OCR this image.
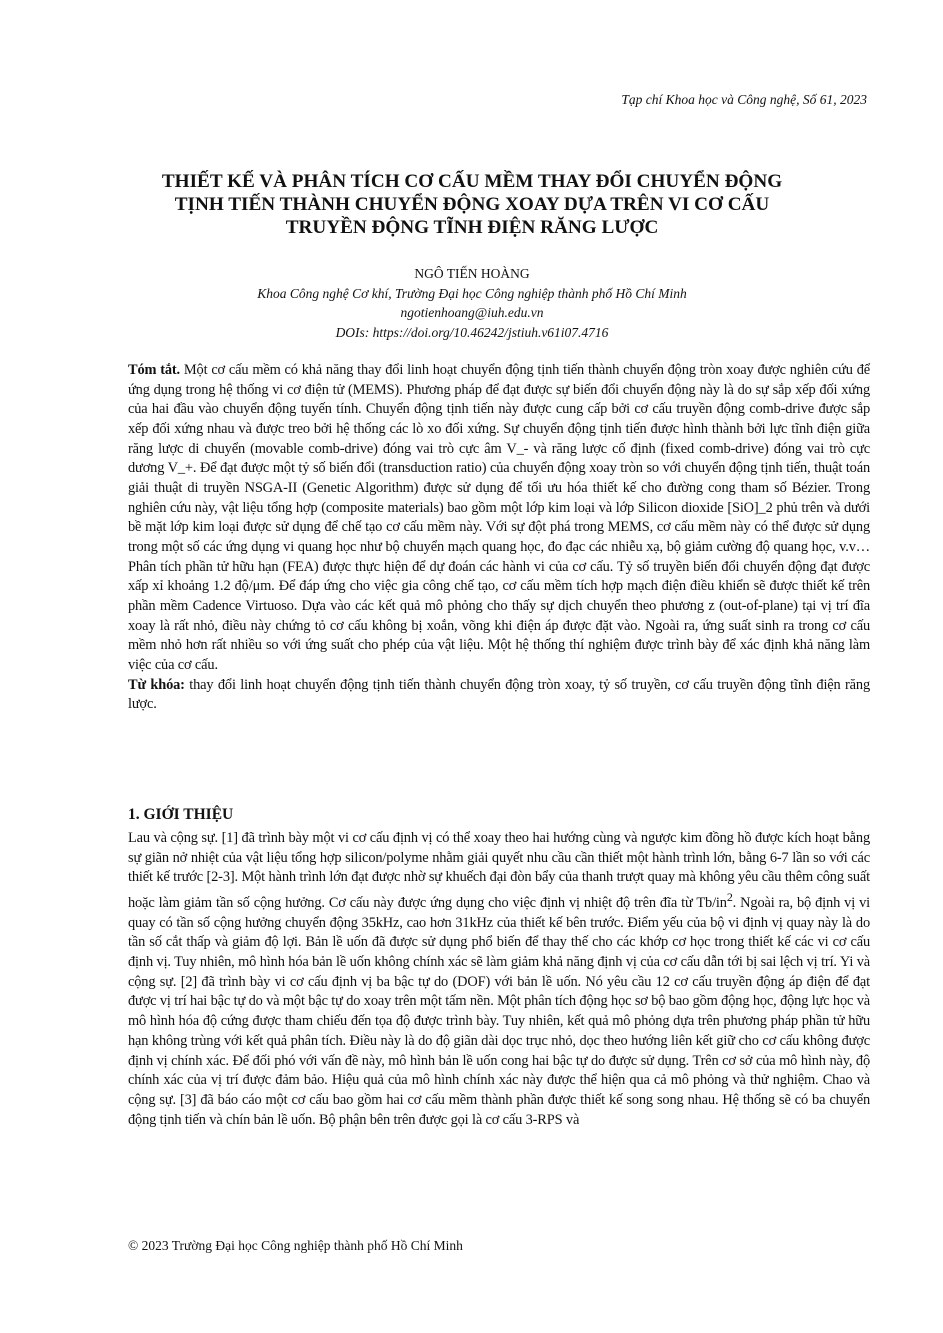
Tạp chí Khoa học và Công nghệ, Số 61, 2023
THIẾT KẾ VÀ PHÂN TÍCH CƠ CẤU MỀM THAY ĐỔI CHUYỂN ĐỘNG
TỊNH TIẾN THÀNH CHUYỂN ĐỘNG XOAY DỰA TRÊN VI CƠ CẤU
TRUYỀN ĐỘNG TĨNH ĐIỆN RĂNG LƯỢC
NGÔ TIẾN HOÀNG
Khoa Công nghệ Cơ khí, Trường Đại học Công nghiệp thành phố Hồ Chí Minh
ngotienhoang@iuh.edu.vn
DOIs: https://doi.org/10.46242/jstiuh.v61i07.4716

Tóm tắt. Một cơ cấu mềm có khả năng thay đổi linh hoạt chuyển động tịnh tiến thành chuyển động tròn xoay được nghiên cứu để ứng dụng trong hệ thống vi cơ điện tử (MEMS). Phương pháp để đạt được sự biến đổi chuyển động này là do sự sắp xếp đối xứng của hai đầu vào chuyển động tuyến tính. Chuyển động tịnh tiến này được cung cấp bởi cơ cấu truyền động comb-drive được sắp xếp đối xứng nhau và được treo bởi hệ thống các lò xo đối xứng. Sự chuyển động tịnh tiến được hình thành bởi lực tĩnh điện giữa răng lược di chuyển (movable comb-drive) đóng vai trò cực âm V_- và răng lược cố định (fixed comb-drive) đóng vai trò cực dương V_+. Để đạt được một tỷ số biến đổi (transduction ratio) của chuyển động xoay tròn so với chuyển động tịnh tiến, thuật toán giải thuật di truyền NSGA-II (Genetic Algorithm) được sử dụng để tối ưu hóa thiết kế cho đường cong tham số Bézier. Trong nghiên cứu này, vật liệu tổng hợp (composite materials) bao gồm một lớp kim loại và lớp Silicon dioxide [SiO]_2 phủ trên và dưới bề mặt lớp kim loại được sử dụng để chế tạo cơ cấu mềm này. Với sự đột phá trong MEMS, cơ cấu mềm này có thể được sử dụng trong một số các ứng dụng vi quang học như bộ chuyển mạch quang học, đo đạc các nhiễu xạ, bộ giảm cường độ quang học, v.v… Phân tích phần tử hữu hạn (FEA) được thực hiện để dự đoán các hành vi của cơ cấu. Tỷ số truyền biến đổi chuyển động đạt được xấp xỉ khoảng 1.2 độ/μm. Để đáp ứng cho việc gia công chế tạo, cơ cấu mềm tích hợp mạch điện điều khiển sẽ được thiết kế trên phần mềm Cadence Virtuoso. Dựa vào các kết quả mô phỏng cho thấy sự dịch chuyển theo phương z (out-of-plane) tại vị trí đĩa xoay là rất nhỏ, điều này chứng tỏ cơ cấu không bị xoắn, võng khi điện áp được đặt vào. Ngoài ra, ứng suất sinh ra trong cơ cấu mềm nhỏ hơn rất nhiều so với ứng suất cho phép của vật liệu. Một hệ thống thí nghiệm được trình bày để xác định khả năng làm việc của cơ cấu.

Từ khóa: thay đổi linh hoạt chuyển động tịnh tiến thành chuyển động tròn xoay, tỷ số truyền, cơ cấu truyền động tĩnh điện răng lược.

1. GIỚI THIỆU

Lau và cộng sự. [1] đã trình bày một vi cơ cấu định vị có thể xoay theo hai hướng cùng và ngược kim đồng hồ được kích hoạt bằng sự giãn nở nhiệt của vật liệu tổng hợp silicon/polyme nhằm giải quyết nhu cầu cần thiết một hành trình lớn, bằng 6-7 lần so với các thiết kế trước [2-3]. Một hành trình lớn đạt được nhờ sự khuếch đại đòn bẩy của thanh trượt quay mà không yêu cầu thêm công suất hoặc làm giảm tần số cộng hưởng. Cơ cấu này được ứng dụng cho việc định vị nhiệt độ trên đĩa từ $Tb/in^2$. Ngoài ra, bộ định vị vi quay có tần số cộng hưởng chuyển động 35kHz, cao hơn 31kHz của thiết kế bên trước. Điểm yếu của bộ vi định vị quay này là do tần số cắt thấp và giảm độ lợi. Bản lề uốn đã được sử dụng phổ biến để thay thế cho các khớp cơ học trong thiết kế các vi cơ cấu định vị. Tuy nhiên, mô hình hóa bản lề uốn không chính xác sẽ làm giảm khả năng định vị của cơ cấu dẫn tới bị sai lệch vị trí. Yi và cộng sự. [2] đã trình bày vi cơ cấu định vị ba bậc tự do (DOF) với bản lề uốn. Nó yêu cầu 12 cơ cấu truyền động áp điện để đạt được vị trí hai bậc tự do và một bậc tự do xoay trên một tấm nền. Một phân tích động học sơ bộ bao gồm động học, động lực học và mô hình hóa độ cứng được tham chiếu đến tọa độ được trình bày. Tuy nhiên, kết quả mô phỏng dựa trên phương pháp phần tử hữu hạn không trùng với kết quả phân tích. Điều này là do độ giãn dài dọc trục nhỏ, dọc theo hướng liên kết giữ cho cơ cấu không được định vị chính xác. Để đối phó với vấn đề này, mô hình bản lề uốn cong hai bậc tự do được sử dụng. Trên cơ sở của mô hình này, độ chính xác của vị trí được đảm bảo. Hiệu quả của mô hình chính xác này được thể hiện qua cả mô phỏng và thử nghiệm. Chao và cộng sự. [3] đã báo cáo một cơ cấu bao gồm hai cơ cấu mềm thành phần được thiết kế song song nhau. Hệ thống sẽ có ba chuyển động tịnh tiến và chín bản lề uốn. Bộ phận bên trên được gọi là cơ cấu 3-RPS và

© 2023 Trường Đại học Công nghiệp thành phố Hồ Chí Minh
